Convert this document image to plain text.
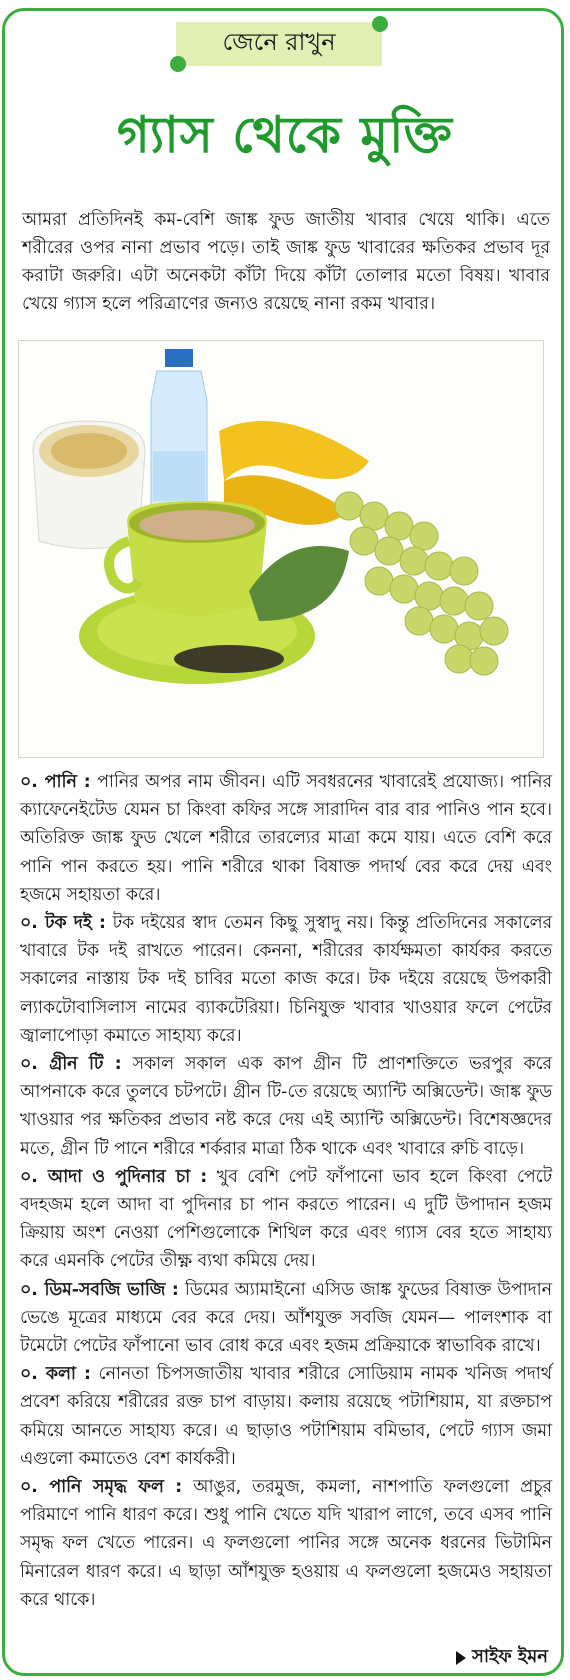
জেনে রাখুন
গ্যাস থেকে মুক্তি
আমরা প্রতিদিনই কম-বেশি জাঙ্ক ফুড জাতীয় খাবার খেয়ে থাকি। এতে শরীরের ওপর নানা প্রভাব পড়ে। তাই জাঙ্ক ফুড খাবারের ক্ষতিকর প্রভাব দূর করাটা জরুরি। এটা অনেকটা কাঁটা দিয়ে কাঁটা তোলার মতো বিষয়। খাবার খেয়ে গ্যাস হলে পরিত্রাণের জন্যও রয়েছে নানা রকম খাবার।

০. পানি : পানির অপর নাম জীবন। এটি সবধরনের খাবারেই প্রযোজ্য। পানির ক্যাফেনেইটেড যেমন চা কিংবা কফির সঙ্গে সারাদিন বার বার পানিও পান হবে। অতিরিক্ত জাঙ্ক ফুড খেলে শরীরে তারল্যের মাত্রা কমে যায়। এতে বেশি করে পানি পান করতে হয়। পানি শরীরে থাকা বিষাক্ত পদার্থ বের করে দেয় এবং হজমে সহায়তা করে।

০. টক দই : টক দইয়ের স্বাদ তেমন কিছু সুস্বাদু নয়। কিন্তু প্রতিদিনের সকালের খাবারে টক দই রাখতে পারেন। কেননা, শরীরের কার্যক্ষমতা কার্যকর করতে সকালের নাস্তায় টক দই চাবির মতো কাজ করে। টক দইয়ে রয়েছে উপকারী ল্যাকটোবাসিলাস নামের ব্যাকটেরিয়া। চিনিযুক্ত খাবার খাওয়ার ফলে পেটের জ্বালাপোড়া কমাতে সাহায্য করে।

০. গ্রীন টি : সকাল সকাল এক কাপ গ্রীন টি প্রাণশক্তিতে ভরপুর করে আপনাকে করে তুলবে চটপটে। গ্রীন টি-তে রয়েছে অ্যান্টি অক্সিডেন্ট। জাঙ্ক ফুড খাওয়ার পর ক্ষতিকর প্রভাব নষ্ট করে দেয় এই অ্যান্টি অক্সিডেন্ট। বিশেষজ্ঞদের মতে, গ্রীন টি পানে শরীরে শর্করার মাত্রা ঠিক থাকে এবং খাবারে রুচি বাড়ে।

০. আদা ও পুদিনার চা : খুব বেশি পেট ফাঁপানো ভাব হলে কিংবা পেটে বদহজম হলে আদা বা পুদিনার চা পান করতে পারেন। এ দুটি উপাদান হজম ক্রিয়ায় অংশ নেওয়া পেশিগুলোকে শিথিল করে এবং গ্যাস বের হতে সাহায্য করে এমনকি পেটের তীক্ষ্ণ ব্যথা কমিয়ে দেয়।

০. ডিম-সবজি ভাজি : ডিমের অ্যামাইনো এসিড জাঙ্ক ফুডের বিষাক্ত উপাদান ভেঙে মূত্রের মাধ্যমে বের করে দেয়। আঁশযুক্ত সবজি যেমন— পালংশাক বা টমেটো পেটের ফাঁপানো ভাব রোধ করে এবং হজম প্রক্রিয়াকে স্বাভাবিক রাখে।

০. কলা : নোনতা চিপসজাতীয় খাবার শরীরে সোডিয়াম নামক খনিজ পদার্থ প্রবেশ করিয়ে শরীরের রক্ত চাপ বাড়ায়। কলায় রয়েছে পটাশিয়াম, যা রক্তচাপ কমিয়ে আনতে সাহায্য করে। এ ছাড়াও পটাশিয়াম বমিভাব, পেটে গ্যাস জমা এগুলো কমাতেও বেশ কার্যকরী।

০. পানি সমৃদ্ধ ফল : আঙুর, তরমুজ, কমলা, নাশপাতি ফলগুলো প্রচুর পরিমাণে পানি ধারণ করে। শুধু পানি খেতে যদি খারাপ লাগে, তবে এসব পানি সমৃদ্ধ ফল খেতে পারেন। এ ফলগুলো পানির সঙ্গে অনেক ধরনের ভিটামিন মিনারেল ধারণ করে। এ ছাড়া আঁশযুক্ত হওয়ায় এ ফলগুলো হজমেও সহায়তা করে থাকে।

সাইফ ইমন
